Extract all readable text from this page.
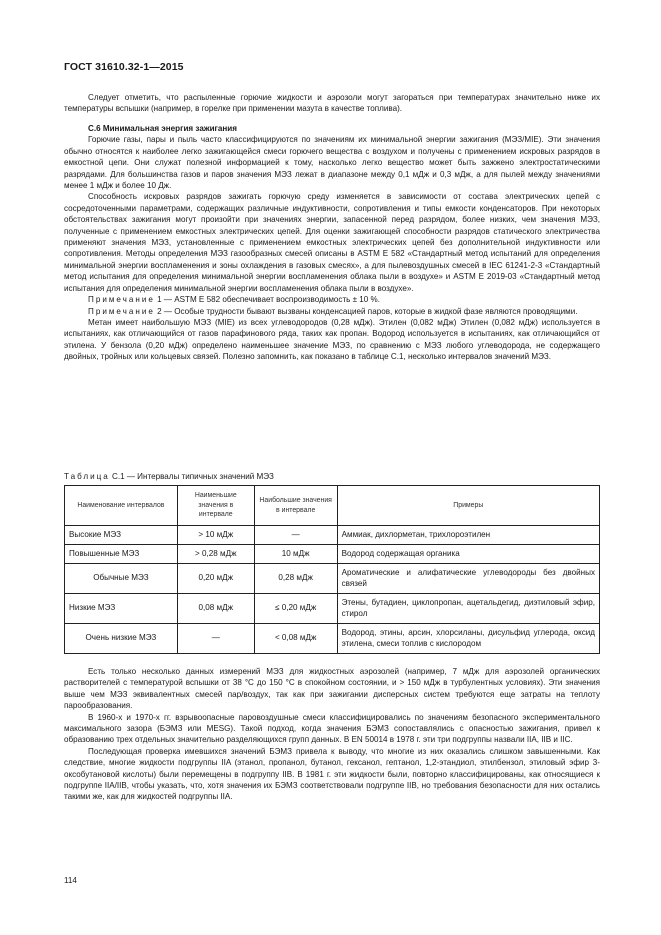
ГОСТ 31610.32-1—2015

Следует отметить, что распыленные горючие жидкости и аэрозоли могут загораться при температурах значительно ниже их температуры вспышки (например, в горелке при применении мазута в качестве топлива).

С.6 Минимальная энергия зажигания

Горючие газы, пары и пыль часто классифицируются по значениям их минимальной энергии зажигания (МЭЗ/MIE). Эти значения обычно относятся к наиболее легко зажигающейся смеси горючего вещества с воздухом и получены с применением искровых разрядов в емкостной цепи. Они служат полезной информацией к тому, насколько легко вещество может быть зажжено электростатическими разрядами. Для большинства газов и паров значения МЭЗ лежат в диапазоне между 0,1 мДж и 0,3 мДж, а для пылей между значениями менее 1 мДж и более 10 Дж.

Способность искровых разрядов зажигать горючую среду изменяется в зависимости от состава электрических цепей с сосредоточенными параметрами, содержащих различные индуктивности, сопротивления и типы емкости конденсаторов. При некоторых обстоятельствах зажигания могут произойти при значениях энергии, запасенной перед разрядом, более низких, чем значения МЭЗ, полученные с применением емкостных электрических цепей. Для оценки зажигающей способности разрядов статического электричества применяют значения МЭЗ, установленные с применением емкостных электрических цепей без дополнительной индуктивности или сопротивления. Методы определения МЭЗ газообразных смесей описаны в ASTM E 582 «Стандартный метод испытаний для определения минимальной энергии воспламенения и зоны охлаждения в газовых смесях», а для пылевоздушных смесей в IEC 61241-2-3 «Стандартный метод испытания для определения минимальной энергии воспламенения облака пыли в воздухе» и ASTM E 2019-03 «Стандартный метод испытания для определения минимальной энергии воспламенения облака пыли в воздухе».

Примечание 1 — ASTM E 582 обеспечивает воспроизводимость ± 10 %.

Примечание 2 — Особые трудности бывают вызваны конденсацией паров, которые в жидкой фазе являются проводящими.

Метан имеет наибольшую МЭЗ (MIE) из всех углеводородов (0,28 мДж). Этилен (0,082 мДж) Этилен (0,082 мДж) используется в испытаниях, как отличающийся от газов парафинового ряда, таких как пропан. Водород используется в испытаниях, как отличающийся от этилена. У бензола (0,20 мДж) определено наименьшее значение МЭЗ, по сравнению с МЭЗ любого углеводорода, не содержащего двойных, тройных или кольцевых связей. Полезно запомнить, как показано в таблице С.1, несколько интервалов значений МЭЗ.

Таблица С.1 — Интервалы типичных значений МЭЗ
Наименование интервалов	Наименьшие значения в интервале	Наибольшие значения в интервале	Примеры
Высокие МЭЗ	> 10 мДж	—	Аммиак, дихлорметан, трихлороэтилен
Повышенные МЭЗ	> 0,28 мДж	10 мДж	Водород содержащая органика
Обычные МЭЗ	0,20 мДж	0,28 мДж	Ароматические и алифатические углеводороды без двойных связей
Низкие МЭЗ	0,08 мДж	≤ 0,20 мДж	Этены, бутадиен, циклопропан, ацетальдегид, диэтиловый эфир, стирол
Очень низкие МЭЗ	—	< 0,08 мДж	Водород, этины, арсин, хлорсиланы, дисульфид углерода, оксид этилена, смеси топлив с кислородом

Есть только несколько данных измерений МЭЗ для жидкостных аэрозолей (например, 7 мДж для аэрозолей органических растворителей с температурой вспышки от 38 °С до 150 °С в спокойном состоянии, и > 150 мДж в турбулентных условиях). Эти значения выше чем МЭЗ эквивалентных смесей пар/воздух, так как при зажигании дисперсных систем требуются еще затраты на теплоту парообразования.

В 1960-х и 1970-х гг. взрывоопасные паровоздушные смеси классифицировались по значениям безопасного экспериментального максимального зазора (БЭМЗ или MESG). Такой подход, когда значения БЭМЗ сопоставлялись с опасностью зажигания, привел к образованию трех отдельных значительно разделяющихся групп данных. В EN 50014 в 1978 г. эти три подгруппы назвали IIA, IIB и IIC.

Последующая проверка имевшихся значений БЭМЗ привела к выводу, что многие из них оказались слишком завышенными. Как следствие, многие жидкости подгруппы IIA (этанол, пропанол, бутанол, гексанол, гептанол, 1,2-этандиол, этилбензол, этиловый эфир 3-оксобутановой кислоты) были перемещены в подгруппу IIB. В 1981 г. эти жидкости были, повторно классифицированы, как относящиеся к подгруппе IIA/IIB, чтобы указать, что, хотя значения их БЭМЗ соответствовали подгруппе IIB, но требования безопасности для них остались такими же, как для жидкостей подгруппы IIA.

114
